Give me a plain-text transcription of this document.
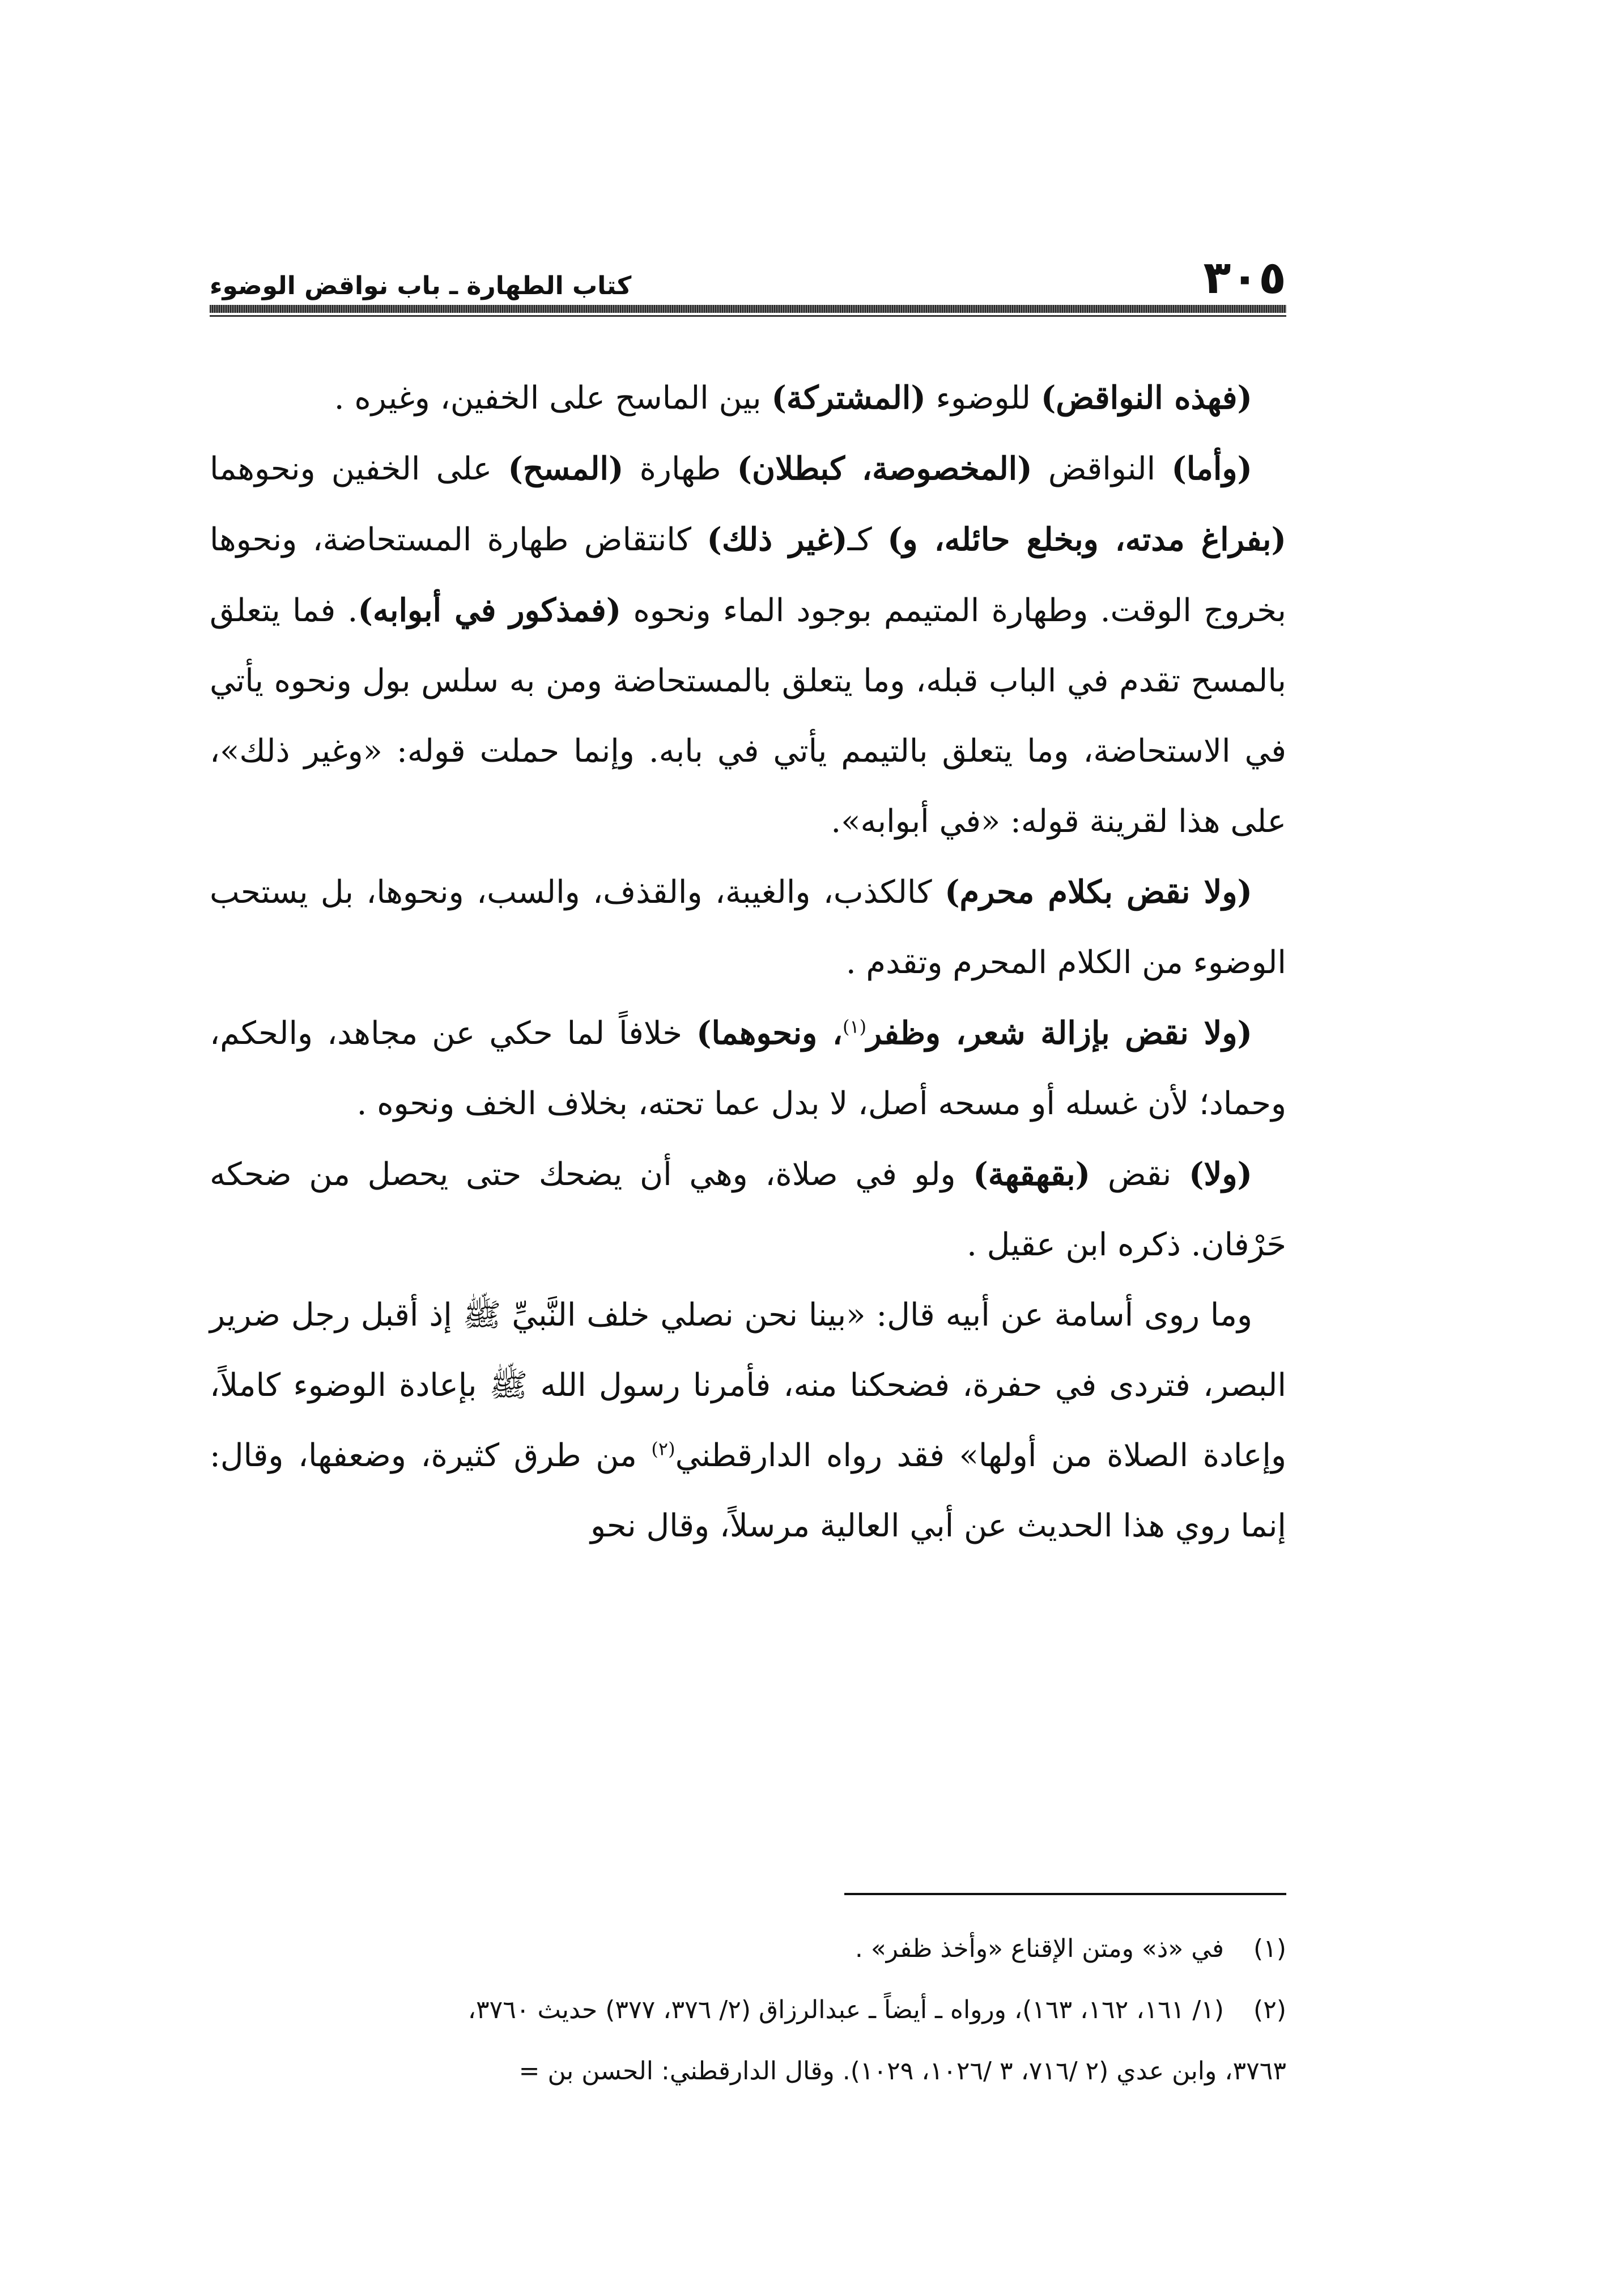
٣٠٥
كتاب الطهارة ـ باب نواقض الوضوء

(فهذه النواقض) للوضوء (المشتركة) بين الماسح على الخفين، وغيره .

(وأما) النواقض (المخصوصة، كبطلان) طهارة (المسح) على الخفين ونحوهما (بفراغ مدته، وبخلع حائله، و) كـ(غير ذلك) كانتقاض طهارة المستحاضة، ونحوها بخروج الوقت. وطهارة المتيمم بوجود الماء ونحوه (فمذكور في أبوابه). فما يتعلق بالمسح تقدم في الباب قبله، وما يتعلق بالمستحاضة ومن به سلس بول ونحوه يأتي في الاستحاضة، وما يتعلق بالتيمم يأتي في بابه. وإنما حملت قوله: «وغير ذلك»، على هذا لقرينة قوله: «في أبوابه».

(ولا نقض بكلام محرم) كالكذب، والغيبة، والقذف، والسب، ونحوها، بل يستحب الوضوء من الكلام المحرم وتقدم .

(ولا نقض بإزالة شعر، وظفر$^{(١)}$، ونحوهما) خلافاً لما حكي عن مجاهد، والحكم، وحماد؛ لأن غسله أو مسحه أصل، لا بدل عما تحته، بخلاف الخف ونحوه .

(ولا) نقض (بقهقهة) ولو في صلاة، وهي أن يضحك حتى يحصل من ضحكه حَرْفان. ذكره ابن عقيل .

وما روى أسامة عن أبيه قال: «بينا نحن نصلي خلف النَّبيِّ ﷺ إذ أقبل رجل ضرير البصر، فتردى في حفرة، فضحكنا منه، فأمرنا رسول الله ﷺ بإعادة الوضوء كاملاً، وإعادة الصلاة من أولها» فقد رواه الدارقطني$^{(٢)}$ من طرق كثيرة، وضعفها، وقال: إنما روي هذا الحديث عن أبي العالية مرسلاً، وقال نحو

(١)
في «ذ» ومتن الإقناع «وأخذ ظفر» .
(٢)
(١/ ١٦١، ١٦٢، ١٦٣)، ورواه ـ أيضاً ـ عبدالرزاق (٢/ ٣٧٦، ٣٧٧) حديث ٣٧٦٠،
٣٧٦٣، وابن عدي (٢ /٧١٦، ٣ /١٠٢٦، ١٠٢٩). وقال الدارقطني: الحسن بن =
